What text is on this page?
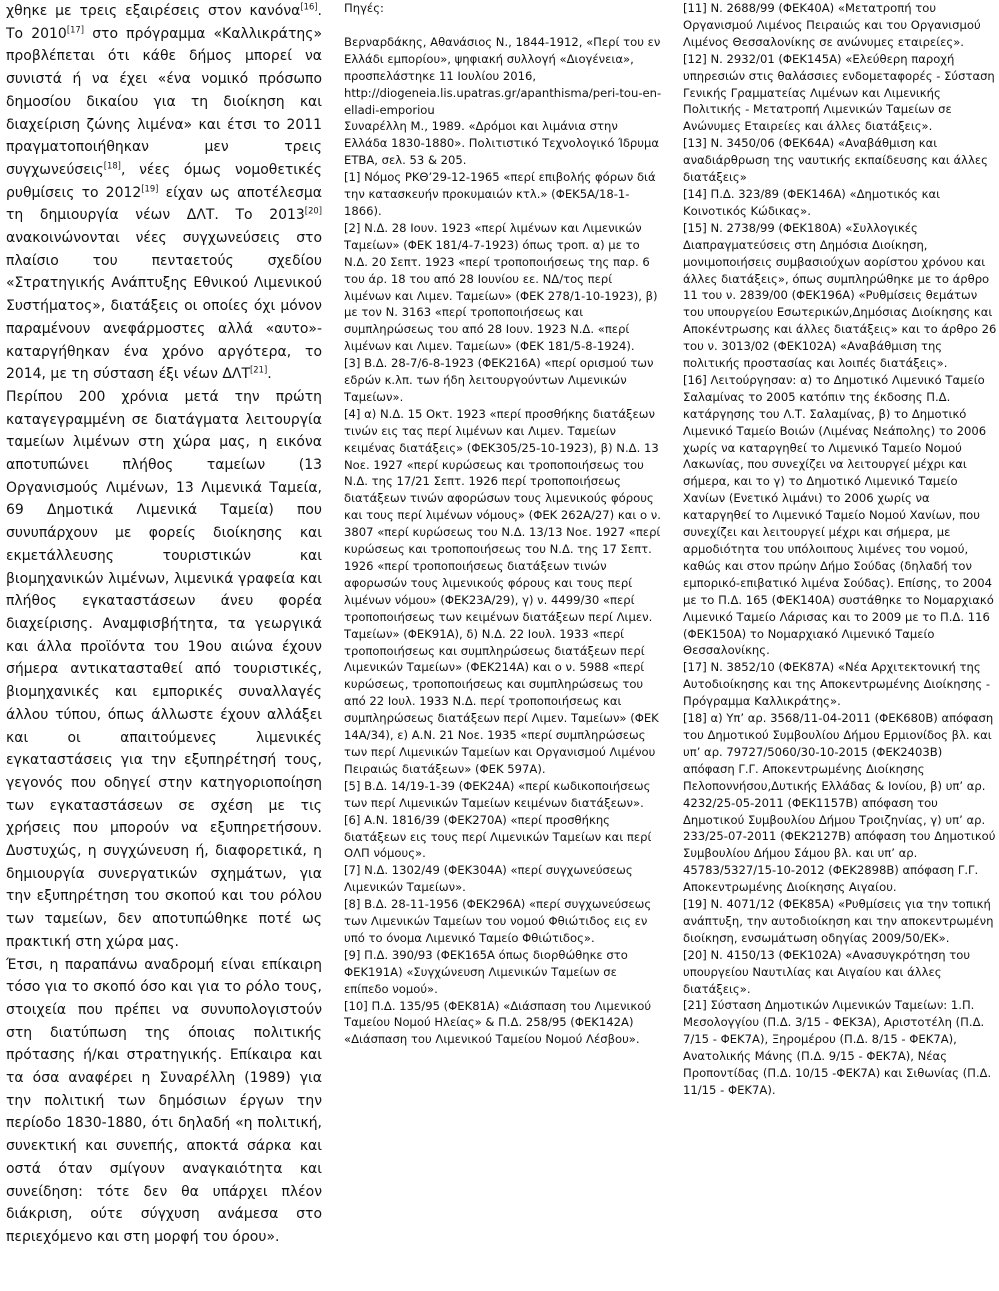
χθηκε με τρεις εξαιρέσεις στον κανόνα[16]. Το 2010[17] στο πρόγραμμα «Καλλικράτης» προβλέπεται ότι κάθε δήμος μπορεί να συνιστά ή να έχει «ένα νομικό πρόσωπο δημοσίου δικαίου για τη διοίκηση και διαχείριση ζώνης λιμένα» και έτσι το 2011 πραγματοποιήθηκαν μεν τρεις συγχωνεύσεις[18], νέες όμως νομοθετικές ρυθμίσεις το 2012[19] είχαν ως αποτέλεσμα τη δημιουργία νέων ΔΛΤ. Το 2013[20] ανακοινώνονται νέες συγχωνεύσεις στο πλαίσιο του πενταετούς σχεδίου «Στρατηγικής Ανάπτυξης Εθνικού Λιμενικού Συστήματος», διατάξεις οι οποίες όχι μόνον παραμένουν ανεφάρμοστες αλλά «αυτο»-καταργήθηκαν ένα χρόνο αργότερα, το 2014, με τη σύσταση έξι νέων ΔΛΤ[21].

Περίπου 200 χρόνια μετά την πρώτη καταγεγραμμένη σε διατάγματα λειτουργία ταμείων λιμένων στη χώρα μας, η εικόνα αποτυπώνει πλήθος ταμείων (13 Οργανισμούς Λιμένων, 13 Λιμενικά Ταμεία, 69 Δημοτικά Λιμενικά Ταμεία) που συνυπάρχουν με φορείς διοίκησης και εκμετάλλευσης τουριστικών και βιομηχανικών λιμένων, λιμενικά γραφεία και πλήθος εγκαταστάσεων άνευ φορέα διαχείρισης. Αναμφισβήτητα, τα γεωργικά και άλλα προϊόντα του 19ου αιώνα έχουν σήμερα αντικατασταθεί από τουριστικές, βιομηχανικές και εμπορικές συναλλαγές άλλου τύπου, όπως άλλωστε έχουν αλλάξει και οι απαιτούμενες λιμενικές εγκαταστάσεις για την εξυπηρέτησή τους, γεγονός που οδηγεί στην κατηγοριοποίηση των εγκαταστάσεων σε σχέση με τις χρήσεις που μπορούν να εξυπηρετήσουν. Δυστυχώς, η συγχώνευση ή, διαφορετικά, η δημιουργία συνεργατικών σχημάτων, για την εξυπηρέτηση του σκοπού και του ρόλου των ταμείων, δεν αποτυπώθηκε ποτέ ως πρακτική στη χώρα μας.

Έτσι, η παραπάνω αναδρομή είναι επίκαιρη τόσο για το σκοπό όσο και για το ρόλο τους, στοιχεία που πρέπει να συνυπολογιστούν στη διατύπωση της όποιας πολιτικής πρότασης ή/και στρατηγικής. Επίκαιρα και τα όσα αναφέρει η Συναρέλλη (1989) για την πολιτική των δημόσιων έργων την περίοδο 1830-1880, ότι δηλαδή «η πολιτική, συνεκτική και συνεπής, αποκτά σάρκα και οστά όταν σμίγουν αναγκαιότητα και συνείδηση: τότε δεν θα υπάρχει πλέον διάκριση, ούτε σύγχυση ανάμεσα στο περιεχόμενο και στη μορφή του όρου».

Πηγές:

Βερναρδάκης, Αθανάσιος Ν., 1844-1912, «Περί του εν Ελλάδι εμπορίου», ψηφιακή συλλογή «Διογένεια», προσπελάστηκε 11 Ιουλίου 2016, http://diogeneia.lis.upatras.gr/apanthisma/peri-tou-en-elladi-emporiou

Συναρέλλη Μ., 1989. «Δρόμοι και λιμάνια στην Ελλάδα 1830-1880». Πολιτιστικό Τεχνολογικό Ίδρυμα ΕΤΒΑ, σελ. 53 & 205.

[1] Νόμος ΡΚΘ’29-12-1965 «περί επιβολής φόρων διά την κατασκευήν προκυμαιών κτλ.» (ΦΕΚ5Α/18-1-1866).

[2] Ν.Δ. 28 Ιουν. 1923 «περί λιμένων και Λιμενικών Ταμείων» (ΦΕΚ 181/4-7-1923) όπως τροπ. α) με το Ν.Δ. 20 Σεπτ. 1923 «περί τροποποιήσεως της παρ. 6 του άρ. 18 του από 28 Ιουνίου εε. ΝΔ/τος περί λιμένων και Λιμεν. Ταμείων» (ΦΕΚ 278/1-10-1923), β) με τον Ν. 3163 «περί τροποποιήσεως και συμπληρώσεως του από 28 Ιουν. 1923 Ν.Δ. «περί λιμένων και Λιμεν. Ταμείων» (ΦΕΚ 181/5-8-1924).

[3] Β.Δ. 28-7/6-8-1923 (ΦΕΚ216Α) «περί ορισμού των εδρών κ.λπ. των ήδη λειτουργούντων Λιμενικών Ταμείων».

[4] α) Ν.Δ. 15 Οκτ. 1923 «περί προσθήκης διατάξεων τινών εις τας περί λιμένων και Λιμεν. Ταμείων κειμένας διατάξεις» (ΦΕΚ305/25-10-1923), β) Ν.Δ. 13 Νοε. 1927 «περί κυρώσεως και τροποποιήσεως του Ν.Δ. της 17/21 Σεπτ. 1926 περί τροποποιήσεως διατάξεων τινών αφορώσων τους λιμενικούς φόρους και τους περί λιμένων νόμους» (ΦΕΚ 262Α/27) και ο ν. 3807 «περί κυρώσεως του Ν.Δ. 13/13 Νοε. 1927 «περί κυρώσεως και τροποποιήσεως του Ν.Δ. της 17 Σεπτ. 1926 «περί τροποποιήσεως διατάξεων τινών αφορωσών τους λιμενικούς φόρους και τους περί λιμένων νόμου» (ΦΕΚ23Α/29), γ) ν. 4499/30 «περί τροποποιήσεως των κειμένων διατάξεων περί Λιμεν. Ταμείων» (ΦΕΚ91Α), δ) Ν.Δ. 22 Ιουλ. 1933 «περί τροποποιήσεως και συμπληρώσεως διατάξεων περί Λιμενικών Ταμείων» (ΦΕΚ214Α) και ο ν. 5988 «περί κυρώσεως, τροποποιήσεως και συμπληρώσεως του από 22 Ιουλ. 1933 Ν.Δ. περί τροποποιήσεως και συμπληρώσεως διατάξεων περί Λιμεν. Ταμείων» (ΦΕΚ 14Α/34), ε) Α.Ν. 21 Νοε. 1935 «περί συμπληρώσεως των περί Λιμενικών Ταμείων και Οργανισμού Λιμένου Πειραιώς διατάξεων» (ΦΕΚ 597Α).

[5] Β.Δ. 14/19-1-39 (ΦΕΚ24Α) «περί κωδικοποιήσεως των περί Λιμενικών Ταμείων κειμένων διατάξεων».

[6] Α.Ν. 1816/39 (ΦΕΚ270Α) «περί προσθήκης διατάξεων εις τους περί Λιμενικών Ταμείων και περί ΟΛΠ νόμους».

[7] Ν.Δ. 1302/49 (ΦΕΚ304Α) «περί συγχωνεύσεως Λιμενικών Ταμείων».

[8] Β.Δ. 28-11-1956 (ΦΕΚ296Α) «περί συγχωνεύσεως των Λιμενικών Ταμείων του νομού Φθιώτιδος εις εν υπό το όνομα Λιμενικό Ταμείο Φθιώτιδος».

[9] Π.Δ. 390/93 (ΦΕΚ165Α όπως διορθώθηκε στο ΦΕΚ191Α) «Συγχώνευση Λιμενικών Ταμείων σε επίπεδο νομού».

[10] Π.Δ. 135/95 (ΦΕΚ81Α) «Διάσπαση του Λιμενικού Ταμείου Νομού Ηλείας» & Π.Δ. 258/95 (ΦΕΚ142Α) «Διάσπαση του Λιμενικού Ταμείου Νομού Λέσβου».

[11] Ν. 2688/99 (ΦΕΚ40Α) «Μετατροπή του Οργανισμού Λιμένος Πειραιώς και του Οργανισμού Λιμένος Θεσσαλονίκης σε ανώνυμες εταιρείες».

[12] Ν. 2932/01 (ΦΕΚ145Α) «Ελεύθερη παροχή υπηρεσιών στις θαλάσσιες ενδομεταφορές - Σύσταση Γενικής Γραμματείας Λιμένων και Λιμενικής Πολιτικής - Μετατροπή Λιμενικών Ταμείων σε Ανώνυμες Εταιρείες και άλλες διατάξεις».

[13] Ν. 3450/06 (ΦΕΚ64Α) «Αναβάθμιση και αναδιάρθρωση της ναυτικής εκπαίδευσης και άλλες διατάξεις»

[14] Π.Δ. 323/89 (ΦΕΚ146Α) «Δημοτικός και Κοινοτικός Κώδικας».

[15] Ν. 2738/99 (ΦΕΚ180Α) «Συλλογικές Διαπραγματεύσεις στη Δημόσια Διοίκηση, μονιμοποιήσεις συμβασιούχων αορίστου χρόνου και άλλες διατάξεις», όπως συμπληρώθηκε με το άρθρο 11 του ν. 2839/00 (ΦΕΚ196Α) «Ρυθμίσεις θεμάτων του υπουργείου Εσωτερικών,Δημόσιας Διοίκησης και Αποκέντρωσης και άλλες διατάξεις» και το άρθρο 26 του ν. 3013/02 (ΦΕΚ102Α) «Αναβάθμιση της πολιτικής προστασίας και λοιπές διατάξεις».

[16] Λειτούργησαν: α) το Δημοτικό Λιμενικό Ταμείο Σαλαμίνας το 2005 κατόπιν της έκδοσης Π.Δ. κατάργησης του Λ.Τ. Σαλαμίνας, β) το Δημοτικό Λιμενικό Ταμείο Βοιών (Λιμένας Νεάπολης) το 2006 χωρίς να καταργηθεί το Λιμενικό Ταμείο Νομού Λακωνίας, που συνεχίζει να λειτουργεί μέχρι και σήμερα, και το γ) το Δημοτικό Λιμενικό Ταμείο Χανίων (Ενετικό λιμάνι) το 2006 χωρίς να καταργηθεί το Λιμενικό Ταμείο Νομού Χανίων, που συνεχίζει και λειτουργεί μέχρι και σήμερα, με αρμοδιότητα του υπόλοιπους λιμένες του νομού, καθώς και στον πρώην Δήμο Σούδας (δηλαδή τον εμπορικό-επιβατικό λιμένα Σούδας). Επίσης, το 2004 με το Π.Δ. 165 (ΦΕΚ140Α) συστάθηκε το Νομαρχιακό Λιμενικό Ταμείο Λάρισας και το 2009 με το Π.Δ. 116 (ΦΕΚ150Α) το Νομαρχιακό Λιμενικό Ταμείο Θεσσαλονίκης.

[17] Ν. 3852/10 (ΦΕΚ87Α) «Νέα Αρχιτεκτονική της Αυτοδιοίκησης και της Αποκεντρωμένης Διοίκησης - Πρόγραμμα Καλλικράτης».

[18] α) Υπ’ αρ. 3568/11-04-2011 (ΦΕΚ680Β) απόφαση του Δημοτικού Συμβουλίου Δήμου Ερμιονίδος βλ. και υπ’ αρ. 79727/5060/30-10-2015 (ΦΕΚ2403Β) απόφαση Γ.Γ. Αποκεντρωμένης Διοίκησης Πελοποννήσου,Δυτικής Ελλάδας & Ιονίου, β) υπ’ αρ. 4232/25-05-2011 (ΦΕΚ1157Β) απόφαση του Δημοτικού Συμβουλίου Δήμου Τροιζηνίας, γ) υπ’ αρ. 233/25-07-2011 (ΦΕΚ2127Β) απόφαση του Δημοτικού Συμβουλίου Δήμου Σάμου βλ. και υπ’ αρ. 45783/5327/15-10-2012 (ΦΕΚ2898Β) απόφαση Γ.Γ. Αποκεντρωμένης Διοίκησης Αιγαίου.

[19] Ν. 4071/12 (ΦΕΚ85Α) «Ρυθμίσεις για την τοπική ανάπτυξη, την αυτοδιοίκηση και την αποκεντρωμένη διοίκηση, ενσωμάτωση οδηγίας 2009/50/ΕΚ».

[20] Ν. 4150/13 (ΦΕΚ102Α) «Ανασυγκρότηση του υπουργείου Ναυτιλίας και Αιγαίου και άλλες διατάξεις».

[21] Σύσταση Δημοτικών Λιμενικών Ταμείων: 1.Π. Μεσολογγίου (Π.Δ. 3/15 - ΦΕΚ3Α), Αριστοτέλη (Π.Δ. 7/15 - ΦΕΚ7Α), Ξηρομέρου (Π.Δ. 8/15 - ΦΕΚ7Α), Ανατολικής Μάνης (Π.Δ. 9/15 - ΦΕΚ7Α), Νέας Προποντίδας (Π.Δ. 10/15 -ΦΕΚ7Α) και Σιθωνίας (Π.Δ. 11/15 - ΦΕΚ7Α).
